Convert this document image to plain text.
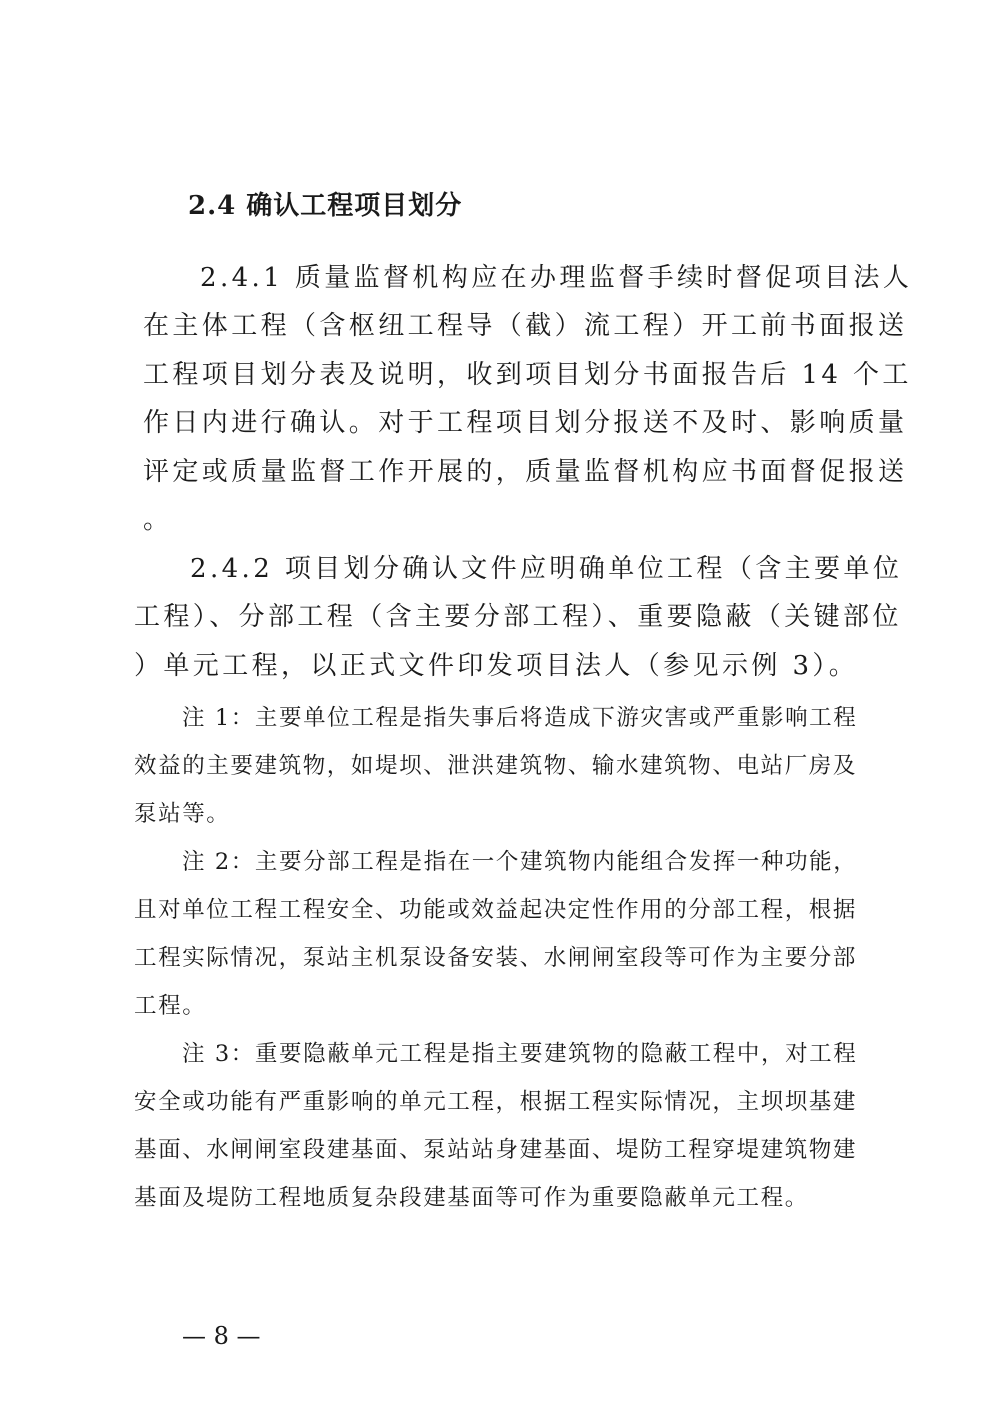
2.4 确认工程项目划分
2.4.1 质量监督机构应在办理监督手续时督促项目法人
在主体工程（含枢纽工程导（截）流工程）开工前书面报送
工程项目划分表及说明，收到项目划分书面报告后 14 个工
作日内进行确认。对于工程项目划分报送不及时、影响质量
评定或质量监督工作开展的，质量监督机构应书面督促报送
。
2.4.2 项目划分确认文件应明确单位工程（含主要单位
工程）、分部工程（含主要分部工程）、重要隐蔽（关键部位
）单元工程，以正式文件印发项目法人（参见示例 3）。
注 1：主要单位工程是指失事后将造成下游灾害或严重影响工程
效益的主要建筑物，如堤坝、泄洪建筑物、输水建筑物、电站厂房及
泵站等。
注 2：主要分部工程是指在一个建筑物内能组合发挥一种功能，
且对单位工程工程安全、功能或效益起决定性作用的分部工程，根据
工程实际情况，泵站主机泵设备安装、水闸闸室段等可作为主要分部
工程。
注 3：重要隐蔽单元工程是指主要建筑物的隐蔽工程中，对工程
安全或功能有严重影响的单元工程，根据工程实际情况，主坝坝基建
基面、水闸闸室段建基面、泵站站身建基面、堤防工程穿堤建筑物建
基面及堤防工程地质复杂段建基面等可作为重要隐蔽单元工程。
— 8 —
